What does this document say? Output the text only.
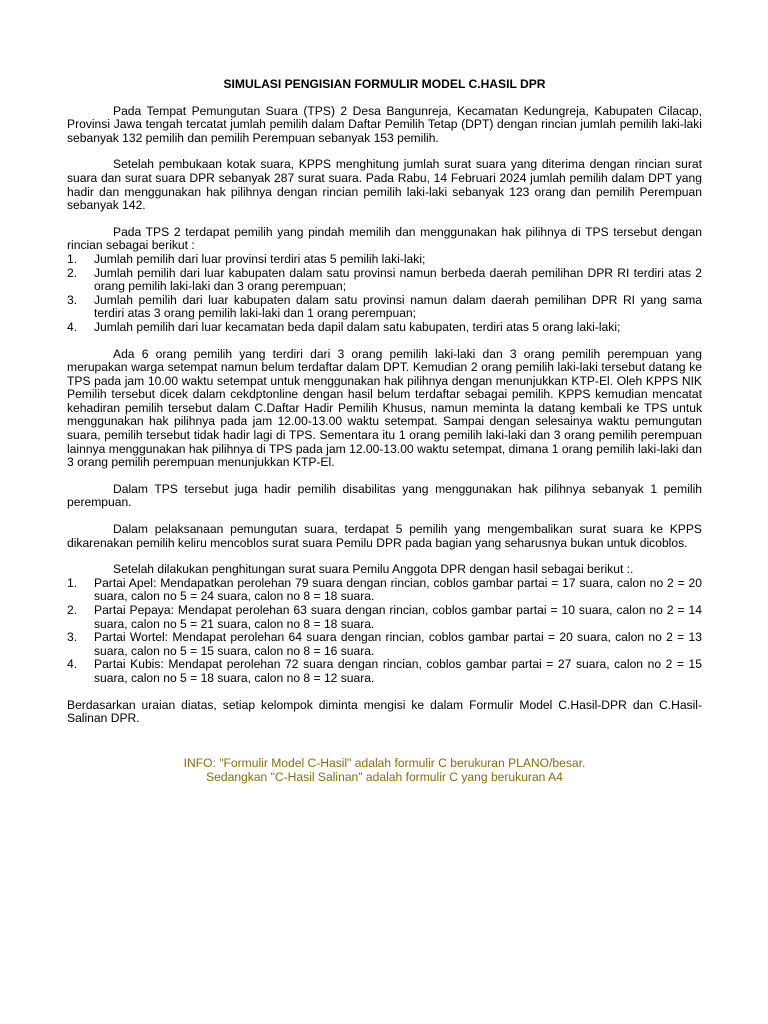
SIMULASI PENGISIAN FORMULIR MODEL C.HASIL DPR

Pada Tempat Pemungutan Suara (TPS) 2 Desa Bangunreja, Kecamatan Kedungreja, Kabupaten Cilacap, Provinsi Jawa tengah tercatat jumlah pemilih dalam Daftar Pemilih Tetap (DPT) dengan rincian jumlah pemilih laki-laki sebanyak 132 pemilih dan pemilih Perempuan sebanyak 153 pemilih.

Setelah pembukaan kotak suara, KPPS menghitung jumlah surat suara yang diterima dengan rincian surat suara dan surat suara DPR sebanyak 287 surat suara. Pada Rabu, 14 Februari 2024 jumlah pemilih dalam DPT yang hadir dan menggunakan hak pilihnya dengan rincian pemilih laki-laki sebanyak 123 orang dan pemilih Perempuan sebanyak 142.

Pada TPS 2 terdapat pemilih yang pindah memilih dan menggunakan hak pilihnya di TPS tersebut dengan rincian sebagai berikut :

1. Jumlah pemilih dari luar provinsi terdiri atas 5 pemilih laki-laki;
2. Jumlah pemilih dari luar kabupaten dalam satu provinsi namun berbeda daerah pemilihan DPR RI terdiri atas 2 orang pemilih laki-laki dan 3 orang perempuan;
3. Jumlah pemilih dari luar kabupaten dalam satu provinsi namun dalam daerah pemilihan DPR RI yang sama terdiri atas 3 orang pemilih laki-laki dan 1 orang perempuan;
4. Jumlah pemilih dari luar kecamatan beda dapil dalam satu kabupaten, terdiri atas 5 orang laki-laki;

Ada 6 orang pemilih yang terdiri dari 3 orang pemilih laki-laki dan 3 orang pemilih perempuan yang merupakan warga setempat namun belum terdaftar dalam DPT. Kemudian 2 orang pemilih laki-laki tersebut datang ke TPS pada jam 10.00 waktu setempat untuk menggunakan hak pilihnya dengan menunjukkan KTP-El. Oleh KPPS NIK Pemilih tersebut dicek dalam cekdptonline dengan hasil belum terdaftar sebagai pemilih. KPPS kemudian mencatat kehadiran pemilih tersebut dalam C.Daftar Hadir Pemilih Khusus, namun meminta la datang kembali ke TPS untuk menggunakan hak pilihnya pada jam 12.00-13.00 waktu setempat. Sampai dengan selesainya waktu pemungutan suara, pemilih tersebut tidak hadir lagi di TPS. Sementara itu 1 orang pemilih laki-laki dan 3 orang pemilih perempuan lainnya menggunakan hak pilihnya di TPS pada jam 12.00-13.00 waktu setempat, dimana 1 orang pemilih laki-laki dan 3 orang pemilih perempuan menunjukkan KTP-El.

Dalam TPS tersebut juga hadir pemilih disabilitas yang menggunakan hak pilihnya sebanyak 1 pemilih perempuan.

Dalam pelaksanaan pemungutan suara, terdapat 5 pemilih yang mengembalikan surat suara ke KPPS dikarenakan pemilih keliru mencoblos surat suara Pemilu DPR pada bagian yang seharusnya bukan untuk dicoblos.

Setelah dilakukan penghitungan surat suara Pemilu Anggota DPR dengan hasil sebagai berikut :.

1. Partai Apel: Mendapatkan perolehan 79 suara dengan rincian, coblos gambar partai = 17 suara, calon no 2 = 20 suara, calon no 5 = 24 suara, calon no 8 = 18 suara.
2. Partai Pepaya: Mendapat perolehan 63 suara dengan rincian, coblos gambar partai = 10 suara, calon no 2 = 14 suara, calon no 5 = 21 suara, calon no 8 = 18 suara.
3. Partai Wortel: Mendapat perolehan 64 suara dengan rincian, coblos gambar partai = 20 suara, calon no 2 = 13 suara, calon no 5 = 15 suara, calon no 8 = 16 suara.
4. Partai Kubis: Mendapat perolehan 72 suara dengan rincian, coblos gambar partai = 27 suara, calon no 2 = 15 suara, calon no 5 = 18 suara, calon no 8 = 12 suara.

Berdasarkan uraian diatas, setiap kelompok diminta mengisi ke dalam Formulir Model C.Hasil-DPR dan C.Hasil- Salinan DPR.

INFO: "Formulir Model C-Hasil" adalah formulir C berukuran PLANO/besar.
Sedangkan "C-Hasil Salinan" adalah formulir C yang berukuran A4
